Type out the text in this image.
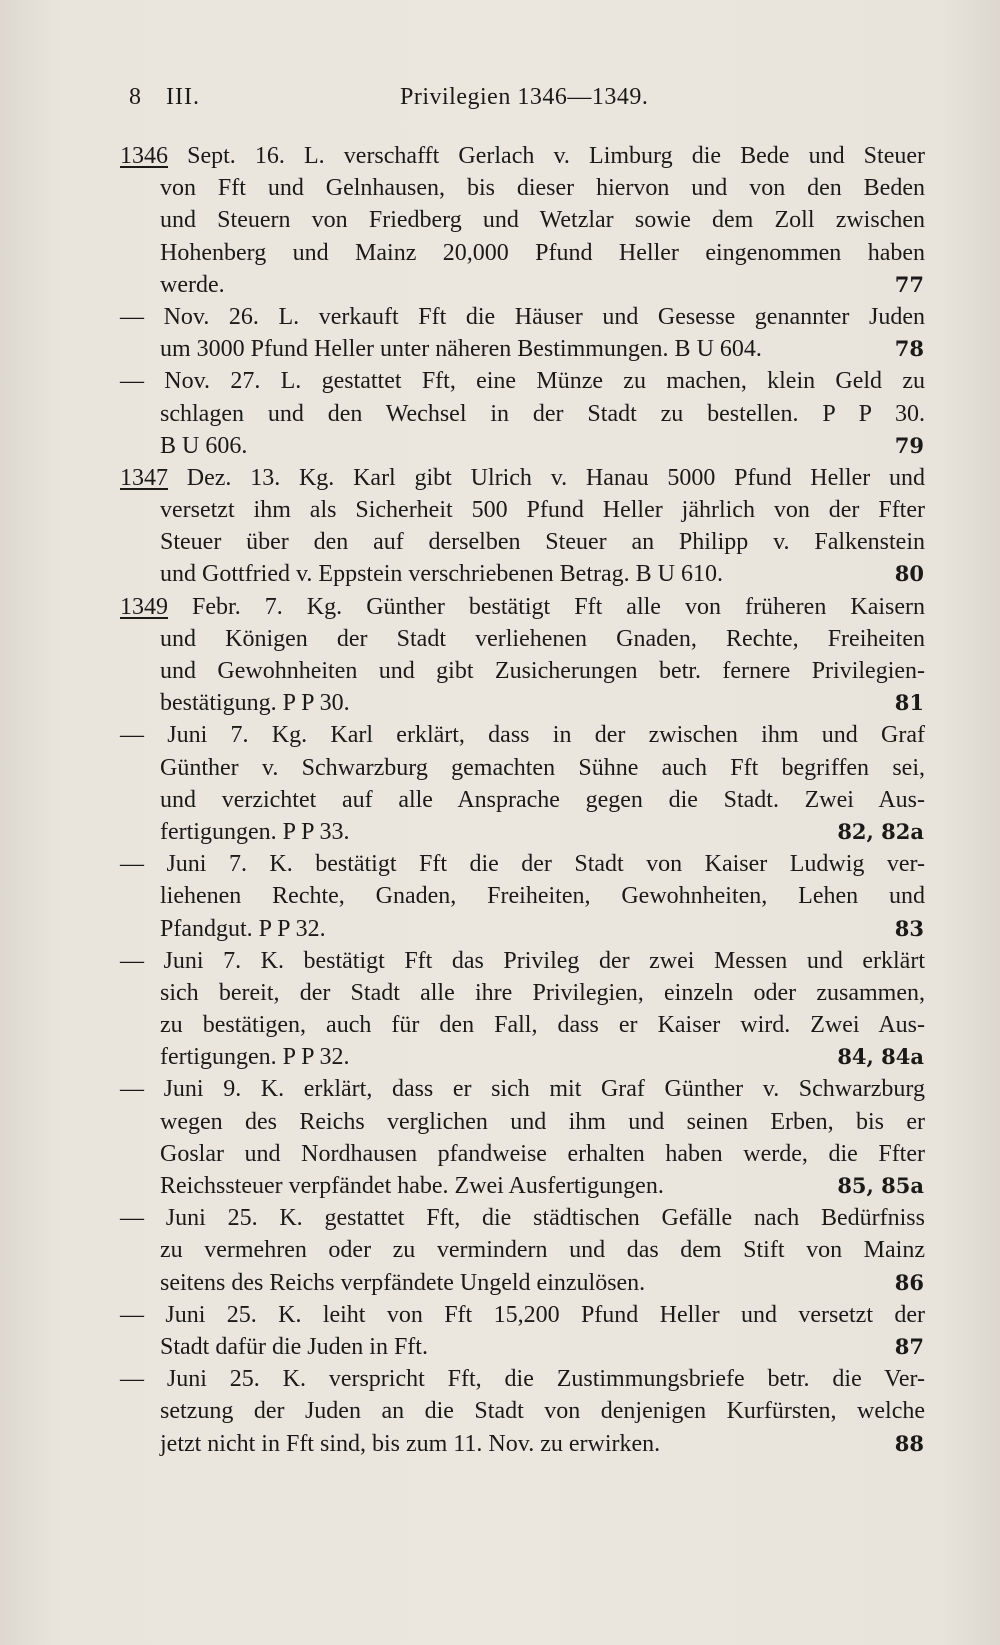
8 III.	Privilegien 1346—1349.
1346 Sept. 16. L. verschafft Gerlach v. Limburg die Bede und Steuer
von Fft und Gelnhausen, bis dieser hiervon und von den Beden
und Steuern von Friedberg und Wetzlar sowie dem Zoll zwischen
Hohenberg und Mainz 20,000 Pfund Heller eingenommen haben
werde.	77
— Nov. 26. L. verkauft Fft die Häuser und Gesesse genannter Juden
um 3000 Pfund Heller unter näheren Bestimmungen. B U 604.	78
— Nov. 27. L. gestattet Fft, eine Münze zu machen, klein Geld zu
schlagen und den Wechsel in der Stadt zu bestellen. P P 30.
B U 606.	79
1347 Dez. 13. Kg. Karl gibt Ulrich v. Hanau 5000 Pfund Heller und
versetzt ihm als Sicherheit 500 Pfund Heller jährlich von der Ffter
Steuer über den auf derselben Steuer an Philipp v. Falkenstein
und Gottfried v. Eppstein verschriebenen Betrag. B U 610.	80
1349 Febr. 7. Kg. Günther bestätigt Fft alle von früheren Kaisern
und Königen der Stadt verliehenen Gnaden, Rechte, Freiheiten
und Gewohnheiten und gibt Zusicherungen betr. fernere Privilegien-
bestätigung. P P 30.	81
— Juni 7. Kg. Karl erklärt, dass in der zwischen ihm und Graf
Günther v. Schwarzburg gemachten Sühne auch Fft begriffen sei,
und verzichtet auf alle Ansprache gegen die Stadt. Zwei Aus-
fertigungen. P P 33.	82, 82a
— Juni 7. K. bestätigt Fft die der Stadt von Kaiser Ludwig ver-
liehenen Rechte, Gnaden, Freiheiten, Gewohnheiten, Lehen und
Pfandgut. P P 32.	83
— Juni 7. K. bestätigt Fft das Privileg der zwei Messen und erklärt
sich bereit, der Stadt alle ihre Privilegien, einzeln oder zusammen,
zu bestätigen, auch für den Fall, dass er Kaiser wird. Zwei Aus-
fertigungen. P P 32.	84, 84a
— Juni 9. K. erklärt, dass er sich mit Graf Günther v. Schwarzburg
wegen des Reichs verglichen und ihm und seinen Erben, bis er
Goslar und Nordhausen pfandweise erhalten haben werde, die Ffter
Reichssteuer verpfändet habe. Zwei Ausfertigungen.	85, 85a
— Juni 25. K. gestattet Fft, die städtischen Gefälle nach Bedürfniss
zu vermehren oder zu vermindern und das dem Stift von Mainz
seitens des Reichs verpfändete Ungeld einzulösen.	86
— Juni 25. K. leiht von Fft 15,200 Pfund Heller und versetzt der
Stadt dafür die Juden in Fft.	87
— Juni 25. K. verspricht Fft, die Zustimmungsbriefe betr. die Ver-
setzung der Juden an die Stadt von denjenigen Kurfürsten, welche
jetzt nicht in Fft sind, bis zum 11. Nov. zu erwirken.	88
